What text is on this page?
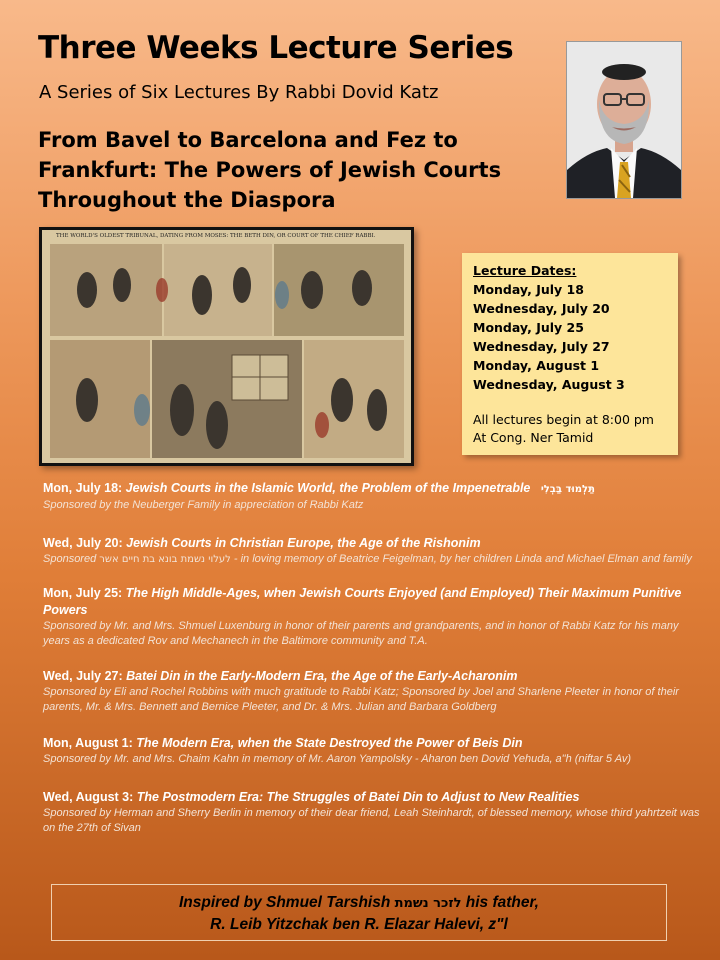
Three Weeks Lecture Series

A Series of Six Lectures By Rabbi Dovid Katz

From Bavel to Barcelona and Fez to Frankfurt: The Powers of Jewish Courts Throughout the Diaspora

THE WORLD'S OLDEST TRIBUNAL, DATING FROM MOSES: THE BETH DIN, OR COURT OF THE CHIEF RABBI.
Lecture Dates:
Monday, July 18
Wednesday, July 20
Monday, July 25
Wednesday, July 27
Monday, August 1
Wednesday, August 3
All lectures begin at 8:00 pm
At Cong. Ner Tamid
Mon, July 18: Jewish Courts in the Islamic World, the Problem of the Impenetrable תַּלְמוּד בַּבְלִי
Sponsored by the Neuberger Family in appreciation of Rabbi Katz
Wed, July 20: Jewish Courts in Christian Europe, the Age of the Rishonim
Sponsored לעלוי נשמת בונא בת חיים אשר - in loving memory of Beatrice Feigelman, by her children Linda and Michael Elman and family
Mon, July 25: The High Middle-Ages, when Jewish Courts Enjoyed (and Employed) Their Maximum Punitive Powers
Sponsored by Mr. and Mrs. Shmuel Luxenburg in honor of their parents and grandparents, and in honor of Rabbi Katz for his many years as a dedicated Rov and Mechanech in the Baltimore community and T.A.
Wed, July 27: Batei Din in the Early-Modern Era, the Age of the Early-Acharonim
Sponsored by Eli and Rochel Robbins with much gratitude to Rabbi Katz; Sponsored by Joel and Sharlene Pleeter in honor of their parents, Mr. & Mrs. Bennett and Bernice Pleeter, and Dr. & Mrs. Julian and Barbara Goldberg
Mon, August 1: The Modern Era, when the State Destroyed the Power of Beis Din
Sponsored by Mr. and Mrs. Chaim Kahn in memory of Mr. Aaron Yampolsky - Aharon ben Dovid Yehuda, a"h (niftar 5 Av)
Wed, August 3: The Postmodern Era: The Struggles of Batei Din to Adjust to New Realities
Sponsored by Herman and Sherry Berlin in memory of their dear friend, Leah Steinhardt, of blessed memory, whose third yahrtzeit was on the 27th of Sivan
Inspired by Shmuel Tarshish לזכר נשמת his father,
R. Leib Yitzchak ben R. Elazar Halevi, z"l
